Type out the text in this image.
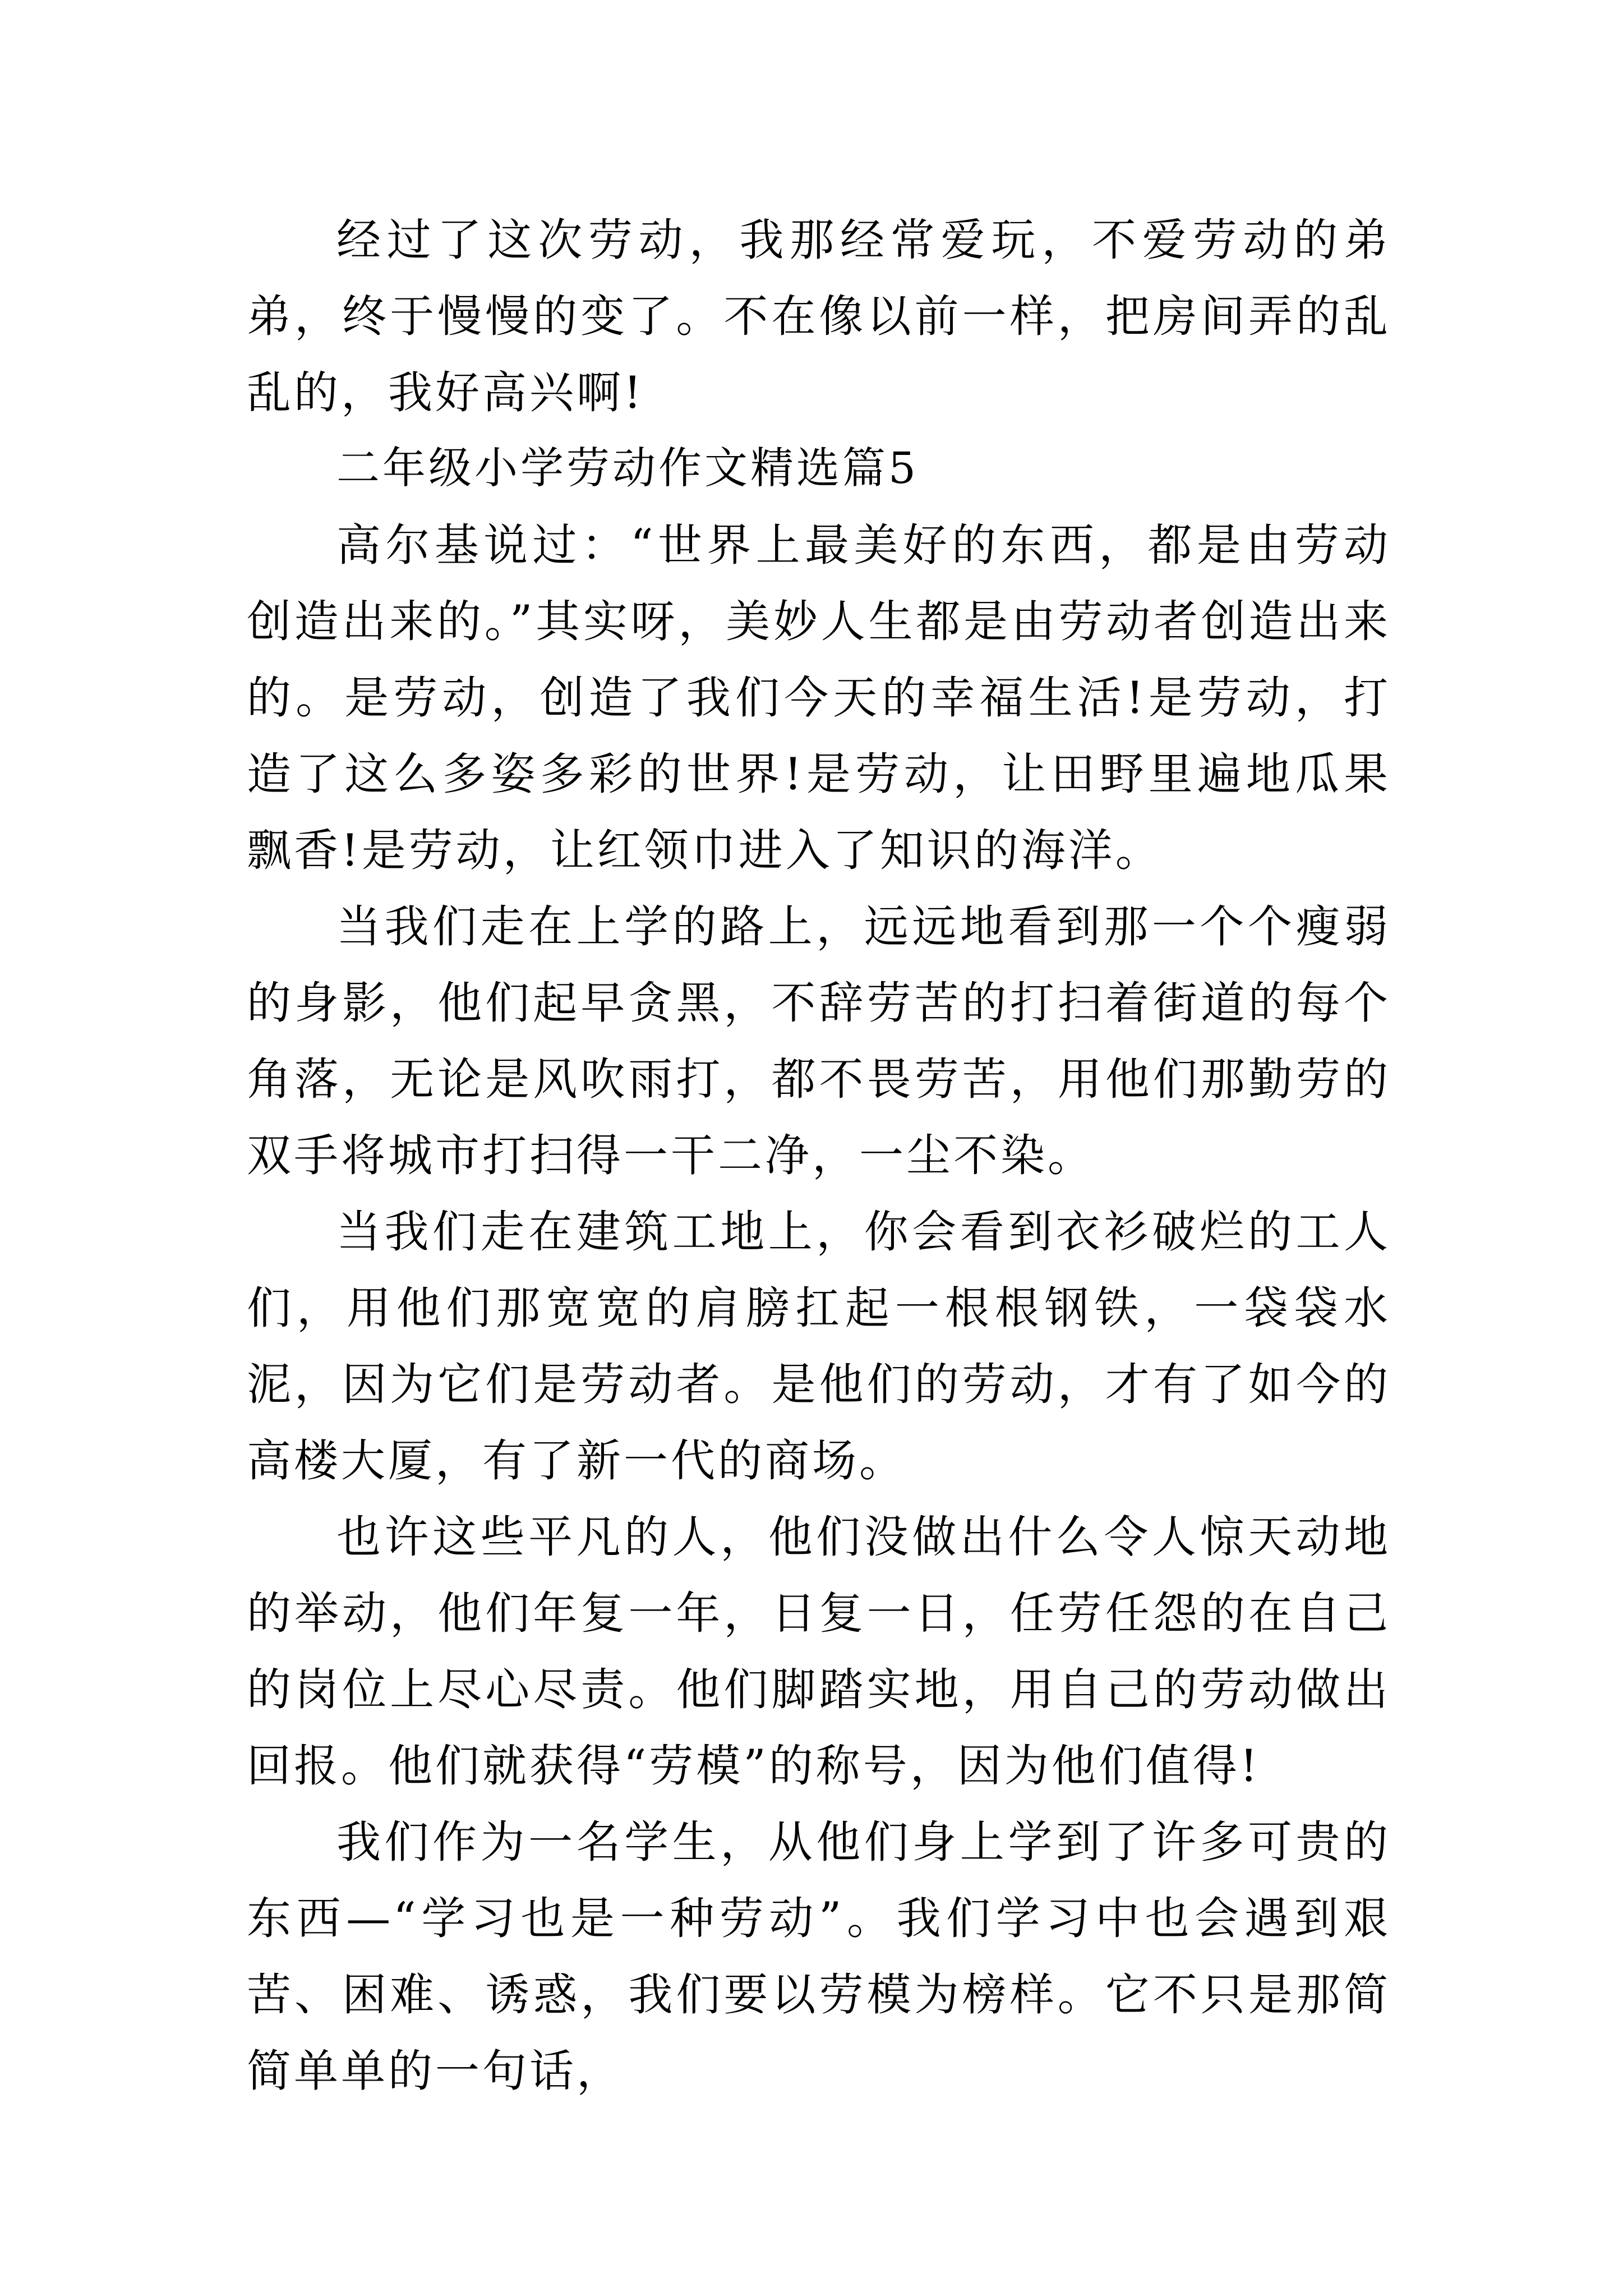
经过了这次劳动，我那经常爱玩，不爱劳动的弟弟，终于慢慢的变了。不在像以前一样，把房间弄的乱乱的，我好高兴啊!

二年级小学劳动作文精选篇5

高尔基说过：“世界上最美好的东西，都是由劳动创造出来的。”其实呀，美妙人生都是由劳动者创造出来的。是劳动，创造了我们今天的幸福生活!是劳动，打造了这么多姿多彩的世界!是劳动，让田野里遍地瓜果飘香!是劳动，让红领巾进入了知识的海洋。

当我们走在上学的路上，远远地看到那一个个瘦弱的身影，他们起早贪黑，不辞劳苦的打扫着街道的每个角落，无论是风吹雨打，都不畏劳苦，用他们那勤劳的双手将城市打扫得一干二净，一尘不染。

当我们走在建筑工地上，你会看到衣衫破烂的工人们，用他们那宽宽的肩膀扛起一根根钢铁，一袋袋水泥，因为它们是劳动者。是他们的劳动，才有了如今的高楼大厦，有了新一代的商场。

也许这些平凡的人，他们没做出什么令人惊天动地的举动，他们年复一年，日复一日，任劳任怨的在自己的岗位上尽心尽责。他们脚踏实地，用自己的劳动做出回报。他们就获得“劳模”的称号，因为他们值得!

我们作为一名学生，从他们身上学到了许多可贵的东西—“学习也是一种劳动”。我们学习中也会遇到艰苦、困难、诱惑，我们要以劳模为榜样。它不只是那简简单单的一句话，
